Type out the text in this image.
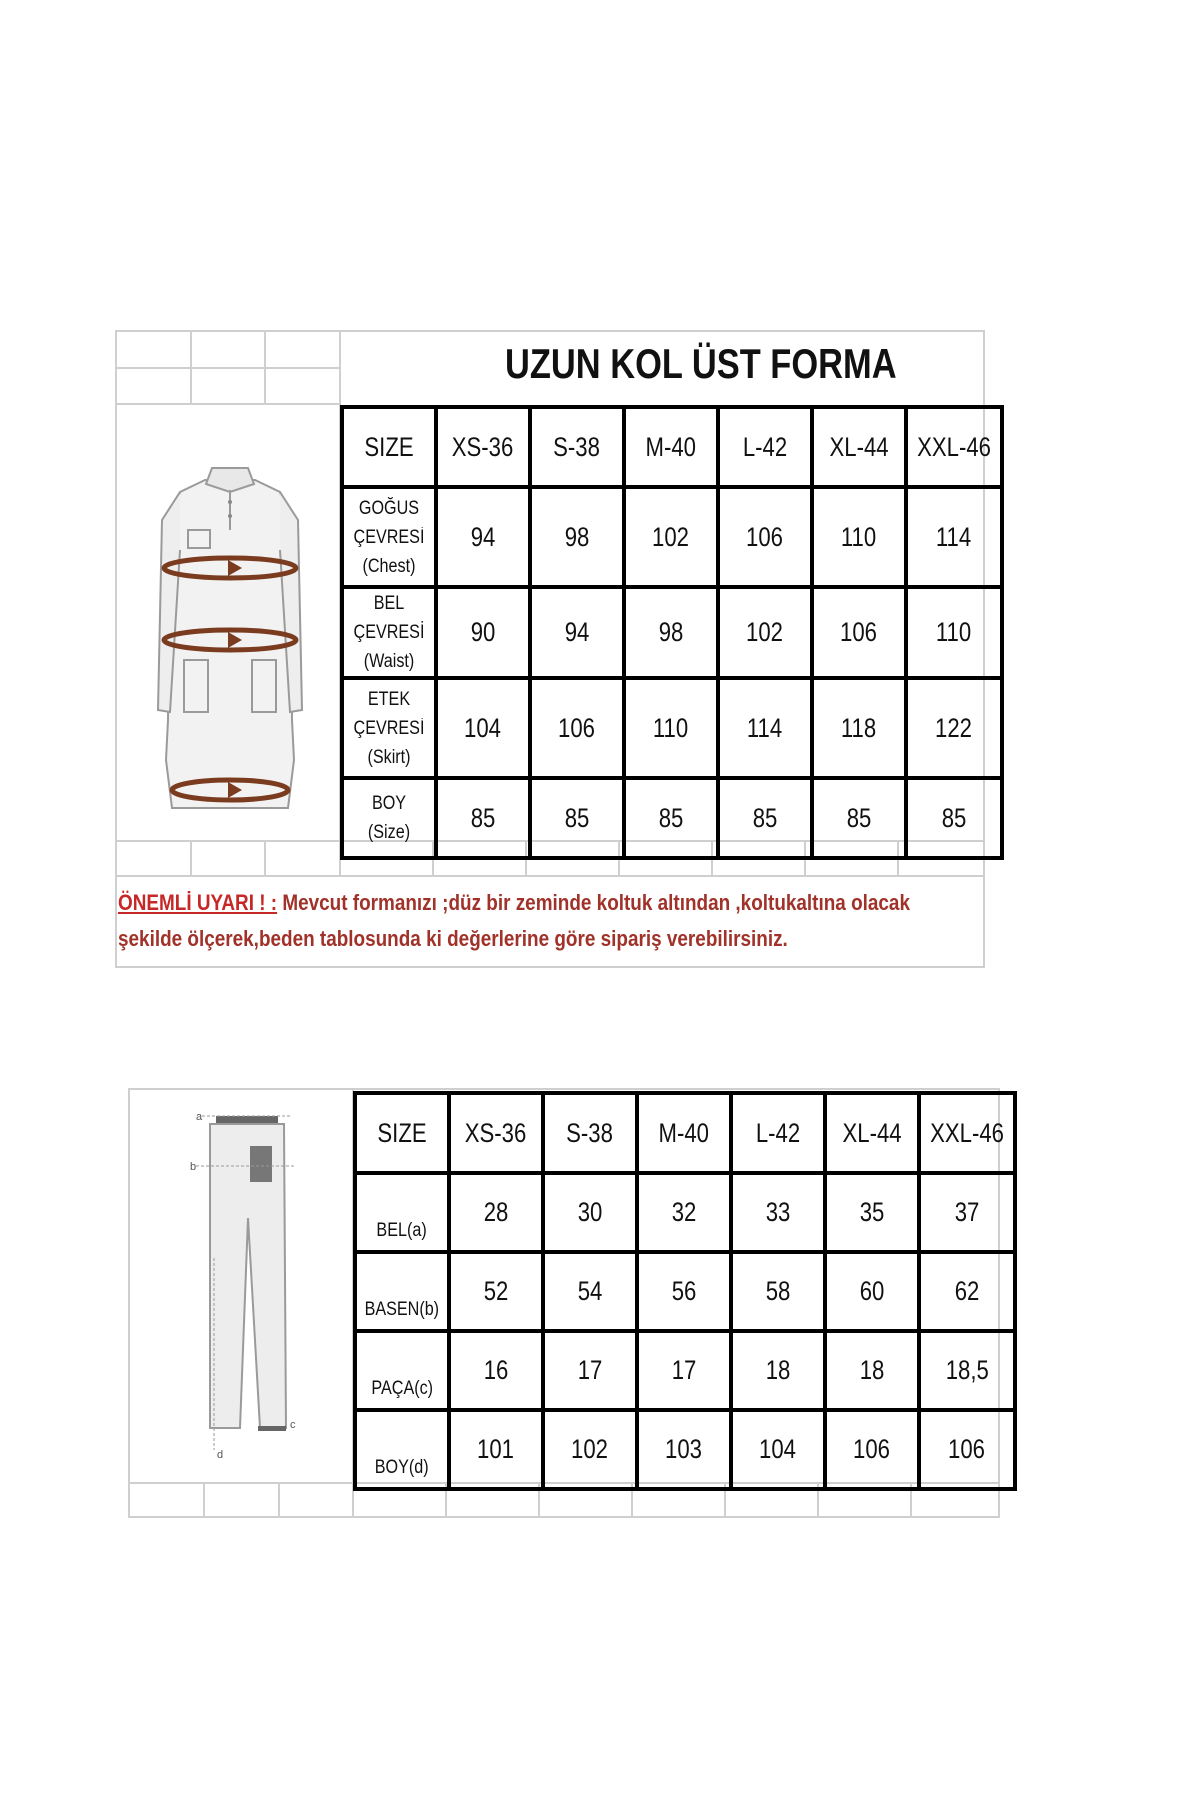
UZUN KOL ÜST FORMA
SIZE	XS-36	S-38	M-40	L-42	XL-44	XXL-46

GOĞUS
ÇEVRESİ
(Chest)	94	98	102	106	110	114

BEL ÇEVRESİ
(Waist)	90	94	98	102	106	110

ETEK
ÇEVRESİ
(Skirt)	104	106	110	114	118	122

BOY
(Size)	85	85	85	85	85	85
ÖNEMLİ UYARI ! : Mevcut formanızı ;düz bir zeminde koltuk altından ,koltukaltına olacak şekilde ölçerek,beden tablosunda ki değerlerine göre sipariş verebilirsiniz.
a
b
c
d
SIZE	XS-36	S-38	M-40	L-42	XL-44	XXL-46
BEL(a)	28	30	32	33	35	37
BASEN(b)	52	54	56	58	60	62
PAÇA(c)	16	17	17	18	18	18,5
BOY(d)	101	102	103	104	106	106
